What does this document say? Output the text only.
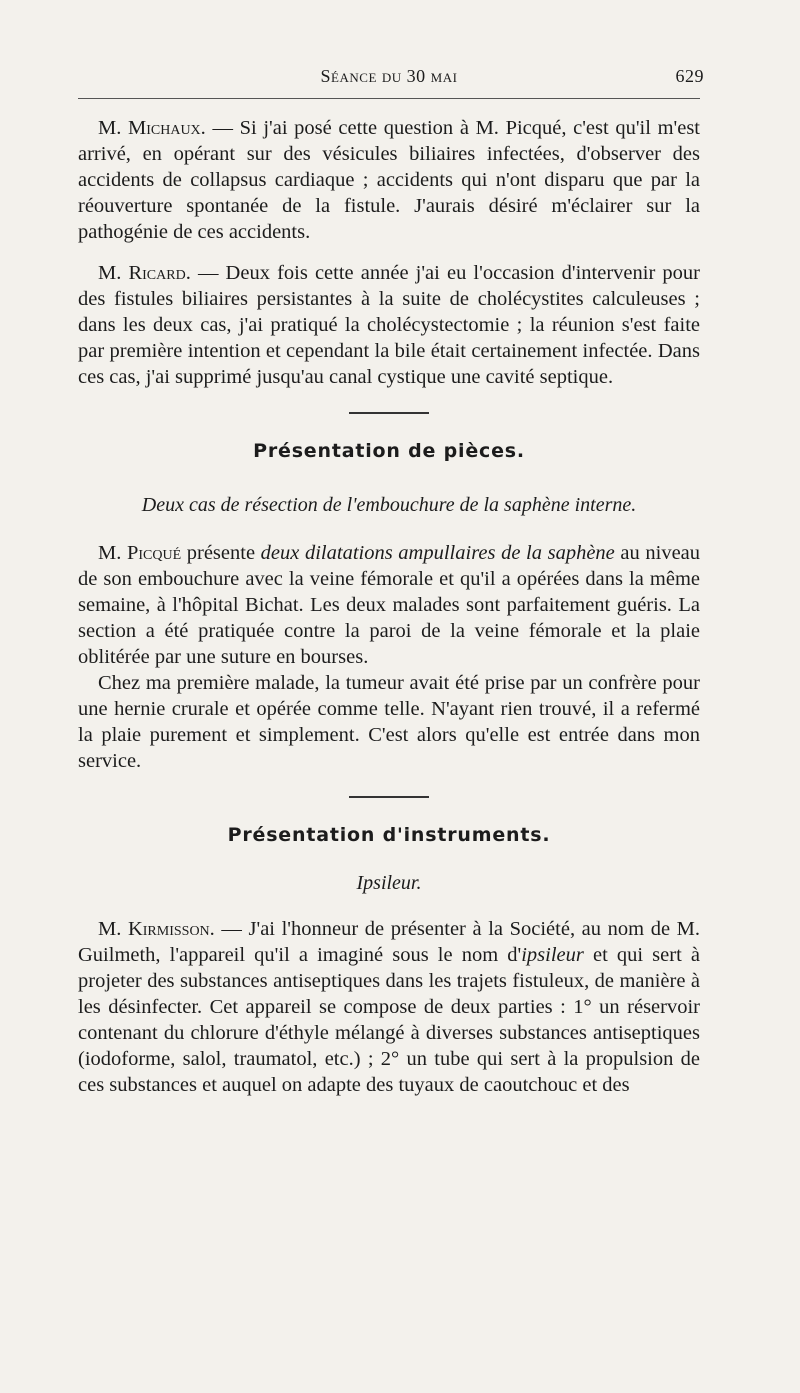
Séance du 30 mai	629

M. Michaux. — Si j'ai posé cette question à M. Picqué, c'est qu'il m'est arrivé, en opérant sur des vésicules biliaires infectées, d'observer des accidents de collapsus cardiaque ; accidents qui n'ont disparu que par la réouverture spontanée de la fistule. J'aurais désiré m'éclairer sur la pathogénie de ces accidents.

M. Ricard. — Deux fois cette année j'ai eu l'occasion d'intervenir pour des fistules biliaires persistantes à la suite de cholécystites calculeuses ; dans les deux cas, j'ai pratiqué la cholécystectomie ; la réunion s'est faite par première intention et cependant la bile était certainement infectée. Dans ces cas, j'ai supprimé jusqu'au canal cystique une cavité septique.

Présentation de pièces.
Deux cas de résection de l'embouchure de la saphène interne.

M. Picqué présente deux dilatations ampullaires de la saphène au niveau de son embouchure avec la veine fémorale et qu'il a opérées dans la même semaine, à l'hôpital Bichat. Les deux malades sont parfaitement guéris. La section a été pratiquée contre la paroi de la veine fémorale et la plaie oblitérée par une suture en bourses.

Chez ma première malade, la tumeur avait été prise par un confrère pour une hernie crurale et opérée comme telle. N'ayant rien trouvé, il a refermé la plaie purement et simplement. C'est alors qu'elle est entrée dans mon service.

Présentation d'instruments.
Ipsileur.

M. Kirmisson. — J'ai l'honneur de présenter à la Société, au nom de M. Guilmeth, l'appareil qu'il a imaginé sous le nom d'ipsileur et qui sert à projeter des substances antiseptiques dans les trajets fistuleux, de manière à les désinfecter. Cet appareil se compose de deux parties : 1° un réservoir contenant du chlorure d'éthyle mélangé à diverses substances antiseptiques (iodoforme, salol, traumatol, etc.) ; 2° un tube qui sert à la propulsion de ces substances et auquel on adapte des tuyaux de caoutchouc et des
